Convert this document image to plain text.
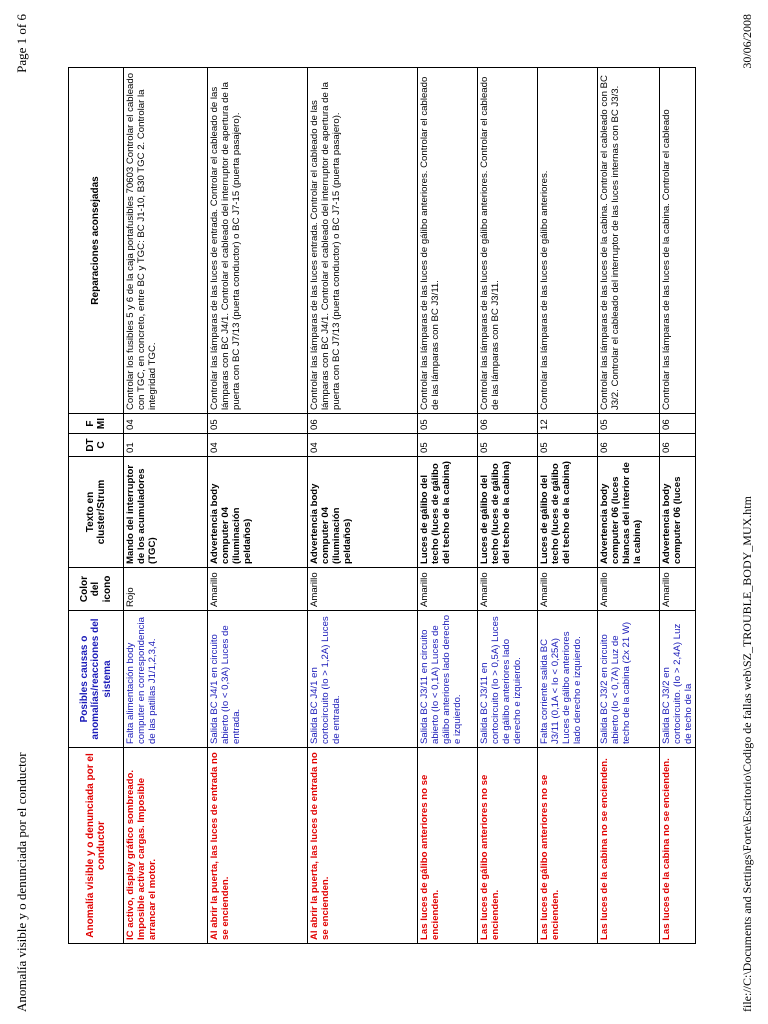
Anomalía visible y o denunciada por el conductor
Page 1 of 6
Anomalía visible y o denunciada por el conductor	Posibles causas o anomalías/reacciones del sistema	Color del icono	Texto en cluster/Strum	DTC	FMI	Reparaciones aconsejadas
IC activo, display gráfico sombreado. Imposible activar cargas. Imposible arrancar el motor.	Falta alimentación body computer en correspondencia de las patillas J1/1,2,3,4.	Rojo	Mando del interruptor de los acumuladores (TGC)	01	04	Controlar los fusibles 5 y 6 de la caja portafusibles 70603 Controlar el cableado con TGC, en concreto, entre BC y TGC: BC J1-10, B30 TGC 2. Controlar la integridad TGC.
Al abrir la puerta, las luces de entrada no se encienden.	Salida BC J4/1 en circuito abierto (Io < 0,3A) Luces de entrada.	Amarillo	Advertencia body computer 04 (iluminación peldaños)	04	05	Controlar las lámparas de las luces de entrada. Controlar el cableado de las lámparas con BC J4/1. Controlar el cableado del interruptor de apertura de la puerta con BC J7/13 (puerta conductor) o BC J7-15 (puerta pasajero).
Al abrir la puerta, las luces de entrada no se encienden.	Salida BC J4/1 en cortocircuito (Io > 1,2A) Luces de entrada.	Amarillo	Advertencia body computer 04 (iluminación peldaños)	04	06	Controlar las lámparas de las luces entrada. Controlar el cableado de las lámparas con BC J4/1. Controlar el cableado del interruptor de apertura de la puerta con BC J7/13 (puerta conductor) o BC J7-15 (puerta pasajero).
Las luces de gálibo anteriores no se encienden.	Salida BC J3/11 en circuito abierto (Io < 0,1A) Luces de gálibo anteriores lado derecho e izquierdo.	Amarillo	Luces de gálibo del techo (luces de gálibo del techo de la cabina)	05	05	Controlar las lámparas de las luces de gálibo anteriores. Controlar el cableado de las lámparas con BC J3/11.
Las luces de gálibo anteriores no se encienden.	Salida BC J3/11 en cortocircuito (Io > 0,5A) Luces de gálibo anteriores lado derecho e izquierdo.	Amarillo	Luces de gálibo del techo (luces de gálibo del techo de la cabina)	05	06	Controlar las lámparas de las luces de gálibo anteriores. Controlar el cableado de las lámparas con BC J3/11.
Las luces de gálibo anteriores no se encienden.	Falta corriente salida BC J3/11 (0,1A < Io < 0,25A) Luces de gálibo anteriores lado derecho e izquierdo.	Amarillo	Luces de gálibo del techo (luces de gálibo del techo de la cabina)	05	12	Controlar las lámparas de las luces de gálibo anteriores.
Las luces de la cabina no se encienden.	Salida BC J3/2 en circuito abierto (Io < 0,7A) Luz de techo de la cabina (2x 21 W)	Amarillo	Advertencia body computer 06 (luces blancas del interior de la cabina)	06	05	Controlar las lámparas de las luces de la cabina. Controlar el cableado con BC J3/2. Controlar el cableado del interruptor de las luces internas con BC J3/3.
Las luces de la cabina no se encienden.	Salida BC J3/2 en cortocircuito. (Io > 2,4A) Luz de techo de la	Amarillo	Advertencia body computer 06 (luces	06	06	Controlar las lámparas de las luces de la cabina. Controlar el cableado
file://C:\Documents and Settings\Forte\Escritorio\Codigo de fallas web\SZ_TROUBLE_BODY_MUX.htm
30/06/2008
